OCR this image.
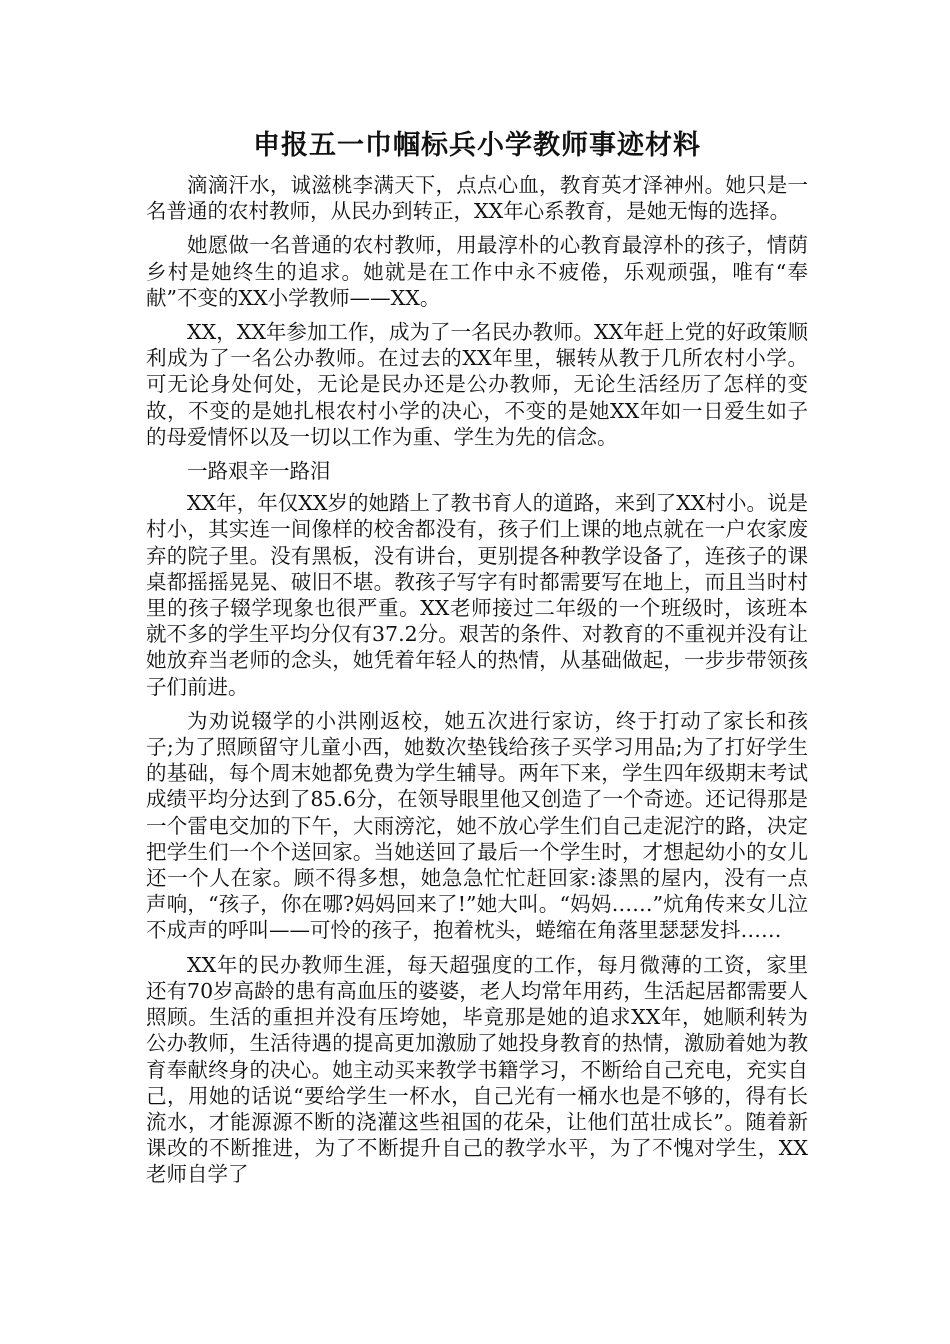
申报五一巾帼标兵小学教师事迹材料

滴滴汗水，诚滋桃李满天下，点点心血，教育英才泽神州。她只是一名普通的农村教师，从民办到转正，XX年心系教育，是她无悔的选择。

她愿做一名普通的农村教师，用最淳朴的心教育最淳朴的孩子，情荫乡村是她终生的追求。她就是在工作中永不疲倦，乐观顽强，唯有“奉献”不变的XX小学教师——XX。

XX，XX年参加工作，成为了一名民办教师。XX年赶上党的好政策顺利成为了一名公办教师。在过去的XX年里，辗转从教于几所农村小学。可无论身处何处，无论是民办还是公办教师，无论生活经历了怎样的变故，不变的是她扎根农村小学的决心，不变的是她XX年如一日爱生如子的母爱情怀以及一切以工作为重、学生为先的信念。

一路艰辛一路泪

XX年，年仅XX岁的她踏上了教书育人的道路，来到了XX村小。说是村小，其实连一间像样的校舍都没有，孩子们上课的地点就在一户农家废弃的院子里。没有黑板，没有讲台，更别提各种教学设备了，连孩子的课桌都摇摇晃晃、破旧不堪。教孩子写字有时都需要写在地上，而且当时村里的孩子辍学现象也很严重。XX老师接过二年级的一个班级时，该班本就不多的学生平均分仅有37.2分。艰苦的条件、对教育的不重视并没有让她放弃当老师的念头，她凭着年轻人的热情，从基础做起，一步步带领孩子们前进。

为劝说辍学的小洪刚返校，她五次进行家访，终于打动了家长和孩子;为了照顾留守儿童小西，她数次垫钱给孩子买学习用品;为了打好学生的基础，每个周末她都免费为学生辅导。两年下来，学生四年级期末考试成绩平均分达到了85.6分，在领导眼里他又创造了一个奇迹。还记得那是一个雷电交加的下午，大雨滂沱，她不放心学生们自己走泥泞的路，决定把学生们一个个送回家。当她送回了最后一个学生时，才想起幼小的女儿还一个人在家。顾不得多想，她急急忙忙赶回家:漆黑的屋内，没有一点声响，“孩子，你在哪?妈妈回来了!”她大叫。“妈妈……”炕角传来女儿泣不成声的呼叫——可怜的孩子，抱着枕头，蜷缩在角落里瑟瑟发抖……

XX年的民办教师生涯，每天超强度的工作，每月微薄的工资，家里还有70岁高龄的患有高血压的婆婆，老人均常年用药，生活起居都需要人照顾。生活的重担并没有压垮她，毕竟那是她的追求XX年，她顺利转为公办教师，生活待遇的提高更加激励了她投身教育的热情，激励着她为教育奉献终身的决心。她主动买来教学书籍学习，不断给自己充电，充实自己，用她的话说“要给学生一杯水，自己光有一桶水也是不够的，得有长流水，才能源源不断的浇灌这些祖国的花朵，让他们茁壮成长”。随着新课改的不断推进，为了不断提升自己的教学水平，为了不愧对学生，XX老师自学了
